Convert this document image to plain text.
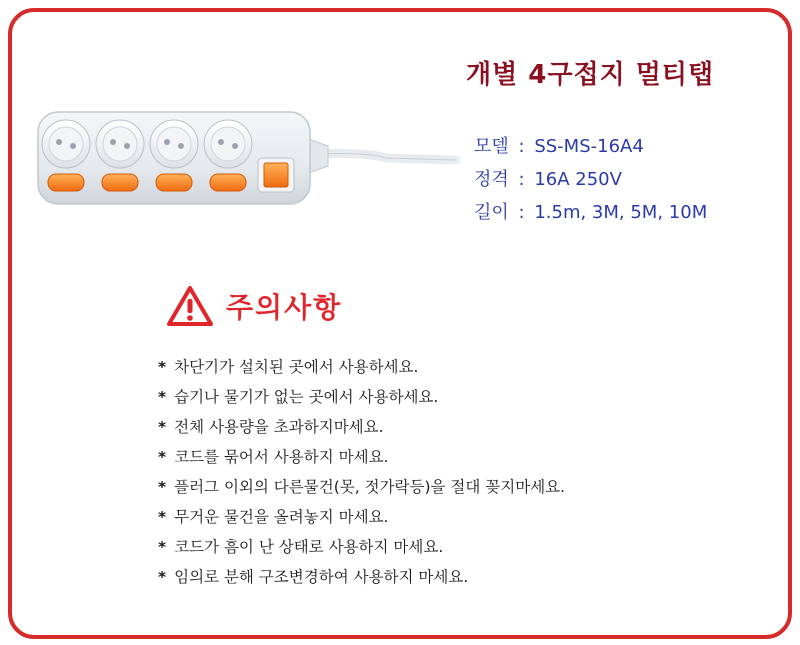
개별 4구접지 멀티탭
모델 : SS-MS-16A4
정격 : 16A 250V
길이 : 1.5m, 3M, 5M, 10M
주의사항
* 차단기가 설치된 곳에서 사용하세요.
* 습기나 물기가 없는 곳에서 사용하세요.
* 전체 사용량을 초과하지마세요.
* 코드를 묶어서 사용하지 마세요.
* 플러그 이외의 다른물건(못, 젓가락등)을 절대 꽂지마세요.
* 무거운 물건을 올려놓지 마세요.
* 코드가 흠이 난 상태로 사용하지 마세요.
* 임의로 분해 구조변경하여 사용하지 마세요.
